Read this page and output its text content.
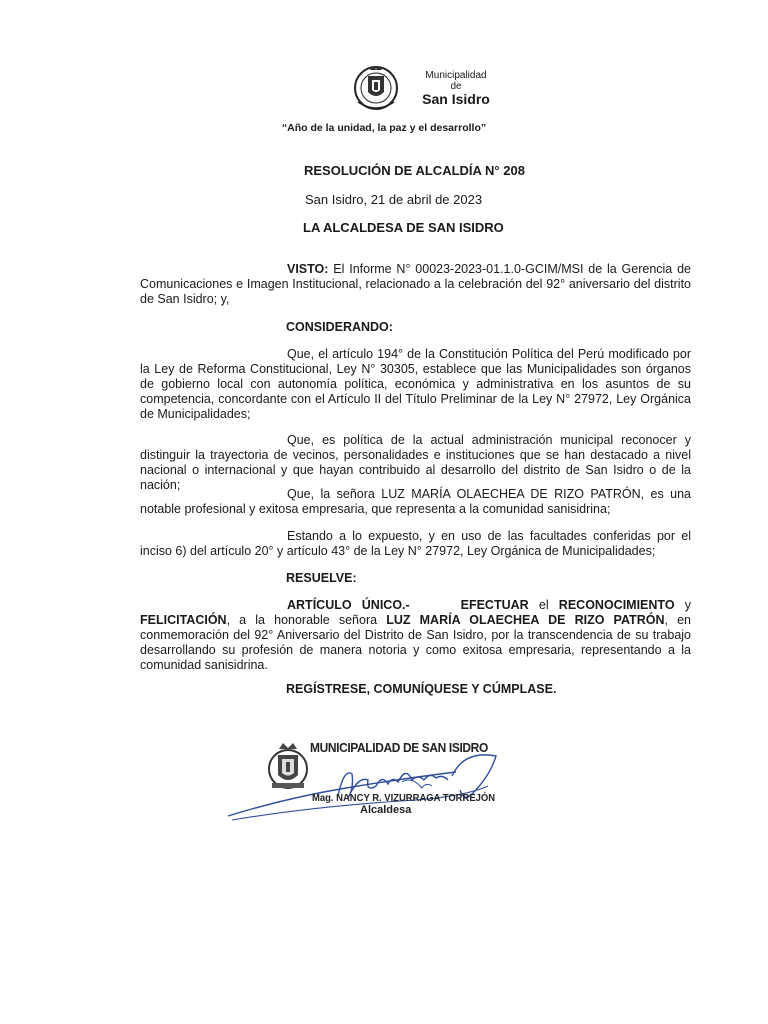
Municipalidad
de
San Isidro
“Año de la unidad, la paz y el desarrollo”
RESOLUCIÓN DE ALCALDÍA N° 208
San Isidro, 21 de abril de 2023
LA ALCALDESA DE SAN ISIDRO
VISTO: El Informe N° 00023-2023-01.1.0-GCIM/MSI de la Gerencia de Comunicaciones e Imagen Institucional, relacionado a la celebración del 92° aniversario del distrito de San Isidro; y,
CONSIDERANDO:
Que, el artículo 194° de la Constitución Política del Perú modificado por la Ley de Reforma Constitucional, Ley N° 30305, establece que las Municipalidades son órganos de gobierno local con autonomía política, económica y administrativa en los asuntos de su competencia, concordante con el Artículo II del Título Preliminar de la Ley N° 27972, Ley Orgánica de Municipalidades;
Que, es política de la actual administración municipal reconocer y distinguir la trayectoria de vecinos, personalidades e instituciones que se han destacado a nivel nacional o internacional y que hayan contribuido al desarrollo del distrito de San Isidro o de la nación;
Que, la señora LUZ MARÍA OLAECHEA DE RIZO PATRÓN, es una notable profesional y exitosa empresaria, que representa a la comunidad sanisidrina;
Estando a lo expuesto, y en uso de las facultades conferidas por el inciso 6) del artículo 20° y artículo 43° de la Ley N° 27972, Ley Orgánica de Municipalidades;
RESUELVE:
ARTÍCULO ÚNICO.-	EFECTUAR el RECONOCIMIENTO y FELICITACIÓN, a la honorable señora LUZ MARÍA OLAECHEA DE RIZO PATRÓN, en conmemoración del 92° Aniversario del Distrito de San Isidro, por la transcendencia de su trabajo desarrollando su profesión de manera notoria y como exitosa empresaria, representando a la comunidad sanisidrina.
REGÍSTRESE, COMUNÍQUESE Y CÚMPLASE.
MUNICIPALIDAD DE SAN ISIDRO
Mag. NANCY R. VIZURRAGA TORREJÓN
Alcaldesa
